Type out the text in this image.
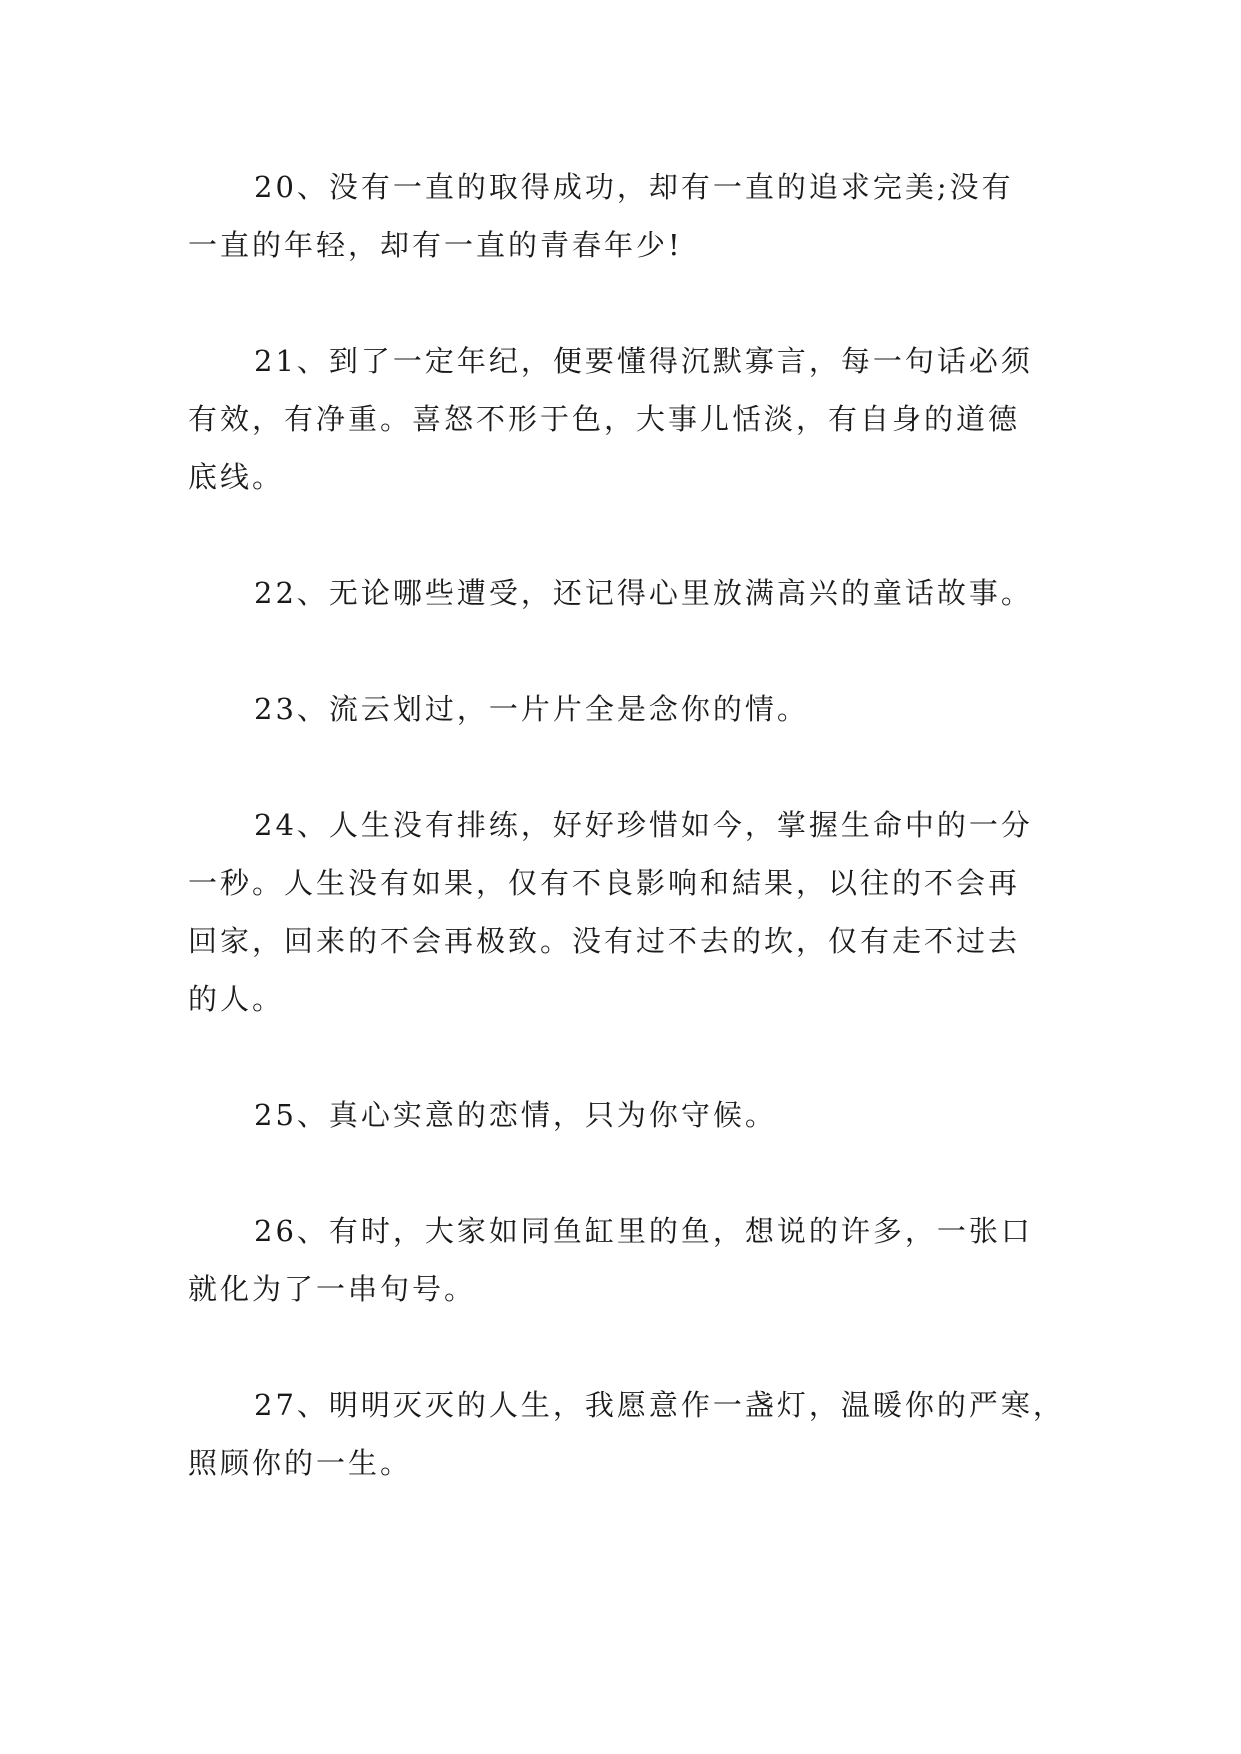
20、没有一直的取得成功，却有一直的追求完美;没有
一直的年轻，却有一直的青春年少!
21、到了一定年纪，便要懂得沉默寡言，每一句话必须
有效，有净重。喜怒不形于色，大事儿恬淡，有自身的道德
底线。
22、无论哪些遭受，还记得心里放满高兴的童话故事。
23、流云划过，一片片全是念你的情。
24、人生没有排练，好好珍惜如今，掌握生命中的一分
一秒。人生没有如果，仅有不良影响和結果，以往的不会再
回家，回来的不会再极致。没有过不去的坎，仅有走不过去
的人。
25、真心实意的恋情，只为你守候。
26、有时，大家如同鱼缸里的鱼，想说的许多，一张口
就化为了一串句号。
27、明明灭灭的人生，我愿意作一盏灯，温暖你的严寒，
照顾你的一生。
